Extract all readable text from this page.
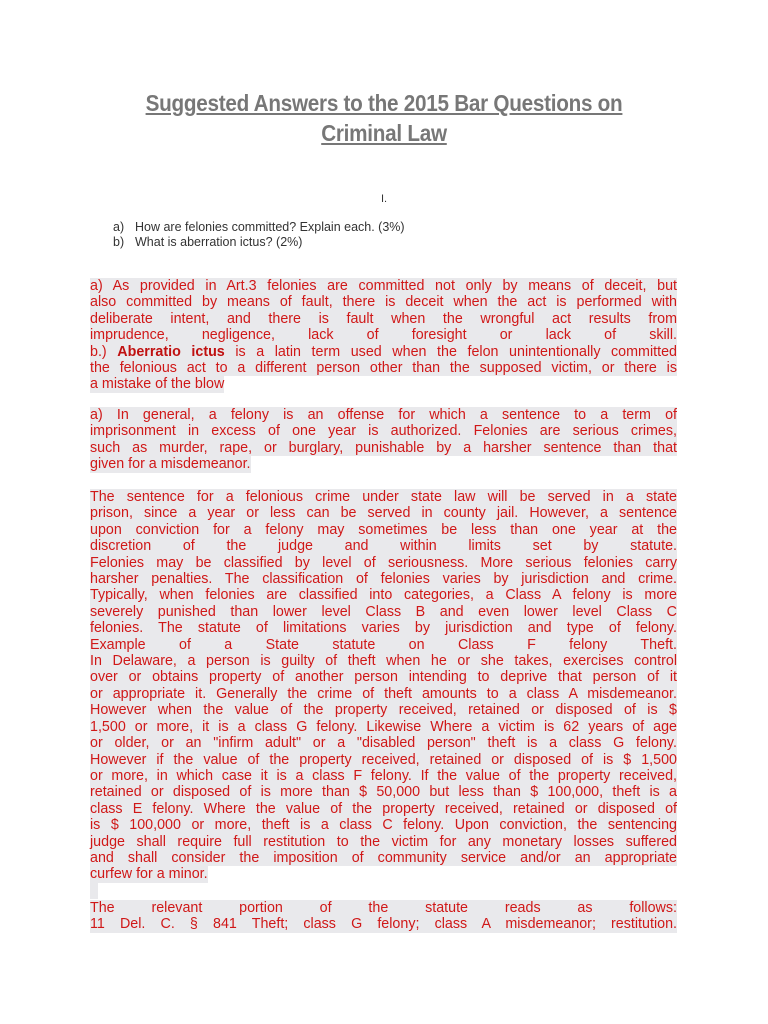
Suggested Answers to the 2015 Bar Questions on
Criminal Law
I.
a) How are felonies committed? Explain each. (3%)
b) What is aberration ictus? (2%)
a) As provided in Art.3 felonies are committed not only by means of deceit, but
also committed by means of fault, there is deceit when the act is performed with
deliberate intent, and there is fault when the wrongful act results from
imprudence, negligence, lack of foresight or lack of skill.
b.) Aberratio ictus is a latin term used when the felon unintentionally committed
the felonious act to a different person other than the supposed victim, or there is
a mistake of the blow
a) In general, a felony is an offense for which a sentence to a term of
imprisonment in excess of one year is authorized. Felonies are serious crimes,
such as murder, rape, or burglary, punishable by a harsher sentence than that
given for a misdemeanor.
The sentence for a felonious crime under state law will be served in a state
prison, since a year or less can be served in county jail. However, a sentence
upon conviction for a felony may sometimes be less than one year at the
discretion of the judge and within limits set by statute.
Felonies may be classified by level of seriousness. More serious felonies carry
harsher penalties. The classification of felonies varies by jurisdiction and crime.
Typically, when felonies are classified into categories, a Class A felony is more
severely punished than lower level Class B and even lower level Class C
felonies. The statute of limitations varies by jurisdiction and type of felony.
Example of a State statute on Class F felony Theft.
In Delaware, a person is guilty of theft when he or she takes, exercises control
over or obtains property of another person intending to deprive that person of it
or appropriate it. Generally the crime of theft amounts to a class A misdemeanor.
However when the value of the property received, retained or disposed of is $
1,500 or more, it is a class G felony. Likewise Where a victim is 62 years of age
or older, or an "infirm adult" or a "disabled person" theft is a class G felony.
However if the value of the property received, retained or disposed of is $ 1,500
or more, in which case it is a class F felony. If the value of the property received,
retained or disposed of is more than $ 50,000 but less than $ 100,000, theft is a
class E felony. Where the value of the property received, retained or disposed of
is $ 100,000 or more, theft is a class C felony. Upon conviction, the sentencing
judge shall require full restitution to the victim for any monetary losses suffered
and shall consider the imposition of community service and/or an appropriate
curfew for a minor.
The relevant portion of the statute reads as follows:
11 Del. C. § 841 Theft; class G felony; class A misdemeanor; restitution.
